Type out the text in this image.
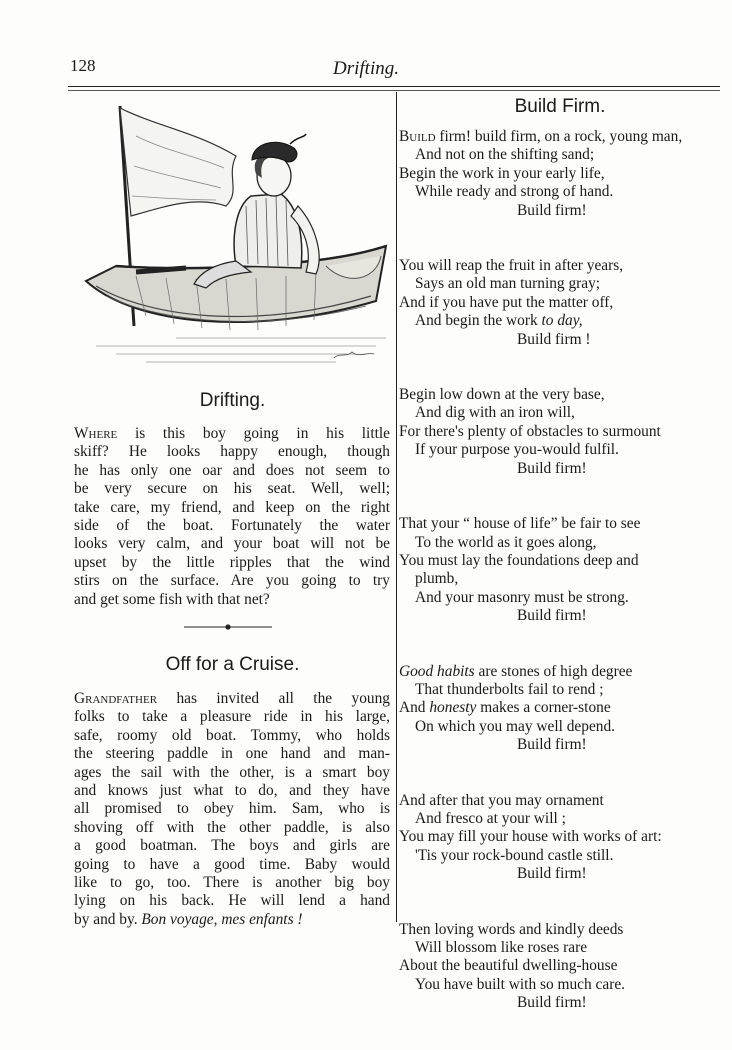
128	Drifting.
Drifting.
Where is this boy going in his little
skiff? He looks happy enough, though
he has only one oar and does not seem to
be very secure on his seat. Well, well;
take care, my friend, and keep on the right
side of the boat. Fortunately the water
looks very calm, and your boat will not be
upset by the little ripples that the wind
stirs on the surface. Are you going to try
and get some fish with that net?
Off for a Cruise.
Grandfather has invited all the young
folks to take a pleasure ride in his large,
safe, roomy old boat. Tommy, who holds
the steering paddle in one hand and man-
ages the sail with the other, is a smart boy
and knows just what to do, and they have
all promised to obey him. Sam, who is
shoving off with the other paddle, is also
a good boatman. The boys and girls are
going to have a good time. Baby would
like to go, too. There is another big boy
lying on his back. He will lend a hand
by and by. Bon voyage, mes enfants !
Build Firm.
Build firm! build firm, on a rock, young man,
And not on the shifting sand;
Begin the work in your early life,
While ready and strong of hand.
Build firm!
You will reap the fruit in after years,
Says an old man turning gray;
And if you have put the matter off,
And begin the work to day,
Build firm !
Begin low down at the very base,
And dig with an iron will,
For there's plenty of obstacles to surmount
If your purpose you-would fulfil.
Build firm!
That your “ house of life” be fair to see
To the world as it goes along,
You must lay the foundations deep and
plumb,
And your masonry must be strong.
Build firm!
Good habits are stones of high degree
That thunderbolts fail to rend ;
And honesty makes a corner-stone
On which you may well depend.
Build firm!
And after that you may ornament
And fresco at your will ;
You may fill your house with works of art:
'Tis your rock-bound castle still.
Build firm!
Then loving words and kindly deeds
Will blossom like roses rare
About the beautiful dwelling-house
You have built with so much care.
Build firm!
